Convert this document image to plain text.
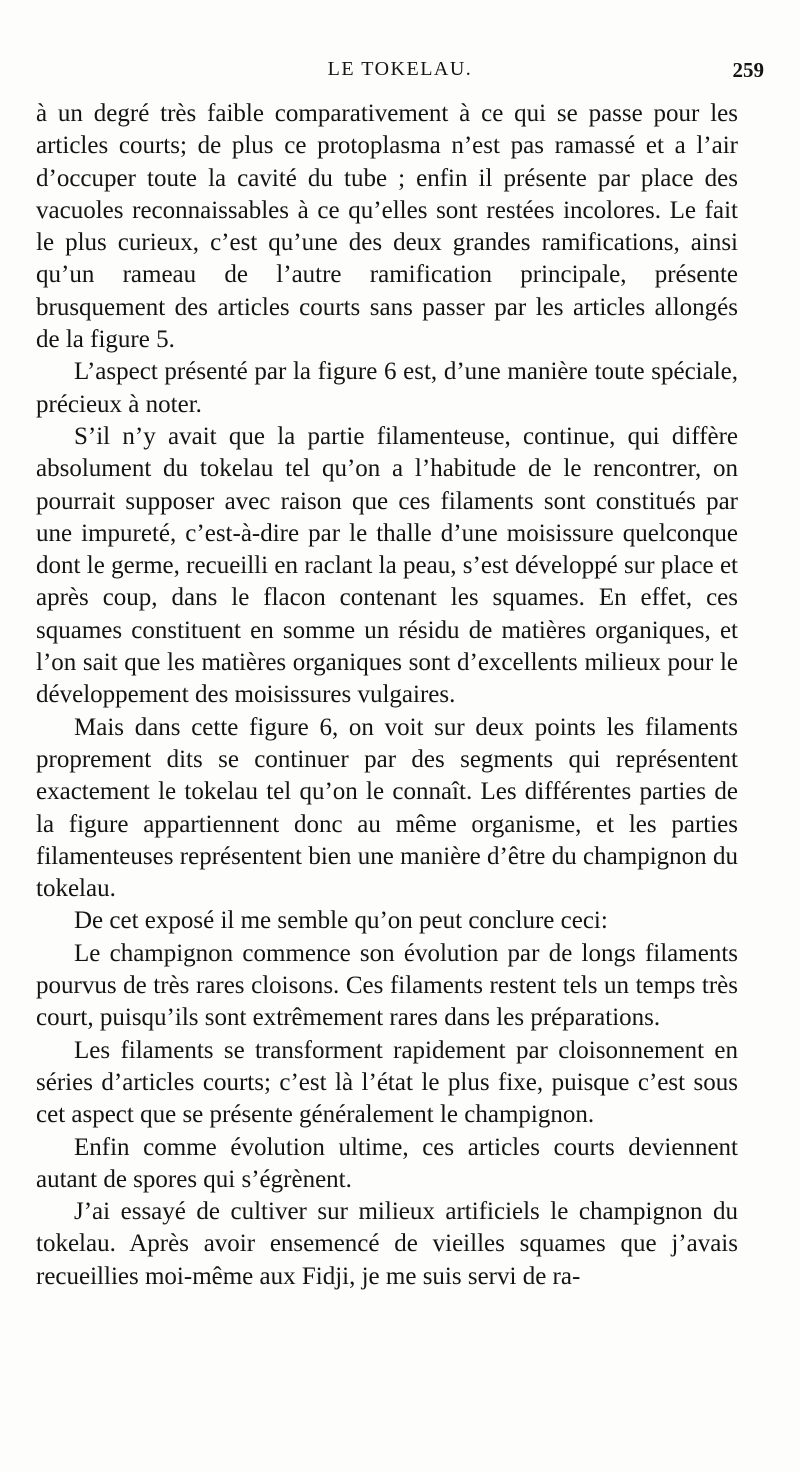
LE TOKELAU.	259

à un degré très faible comparativement à ce qui se passe pour les articles courts; de plus ce protoplasma n’est pas ramassé et a l’air d’occuper toute la cavité du tube ; enfin il présente par place des vacuoles reconnaissables à ce qu’elles sont restées incolores. Le fait le plus curieux, c’est qu’une des deux grandes ramifications, ainsi qu’un rameau de l’autre ramification principale, présente brusquement des articles courts sans passer par les articles allongés de la figure 5.

L’aspect présenté par la figure 6 est, d’une manière toute spéciale, précieux à noter.

S’il n’y avait que la partie filamenteuse, continue, qui diffère absolument du tokelau tel qu’on a l’habitude de le rencontrer, on pourrait supposer avec raison que ces filaments sont constitués par une impureté, c’est-à-dire par le thalle d’une moisissure quelconque dont le germe, recueilli en raclant la peau, s’est développé sur place et après coup, dans le flacon contenant les squames. En effet, ces squames constituent en somme un résidu de matières organiques, et l’on sait que les matières organiques sont d’excellents milieux pour le développement des moisissures vulgaires.

Mais dans cette figure 6, on voit sur deux points les filaments proprement dits se continuer par des segments qui représentent exactement le tokelau tel qu’on le connaît. Les différentes parties de la figure appartiennent donc au même organisme, et les parties filamenteuses représentent bien une manière d’être du champignon du tokelau.

De cet exposé il me semble qu’on peut conclure ceci:

Le champignon commence son évolution par de longs filaments pourvus de très rares cloisons. Ces filaments restent tels un temps très court, puisqu’ils sont extrêmement rares dans les préparations.

Les filaments se transforment rapidement par cloisonnement en séries d’articles courts; c’est là l’état le plus fixe, puisque c’est sous cet aspect que se présente généralement le champignon.

Enfin comme évolution ultime, ces articles courts deviennent autant de spores qui s’égrènent.

J’ai essayé de cultiver sur milieux artificiels le champignon du tokelau. Après avoir ensemencé de vieilles squames que j’avais recueillies moi-même aux Fidji, je me suis servi de ra-
